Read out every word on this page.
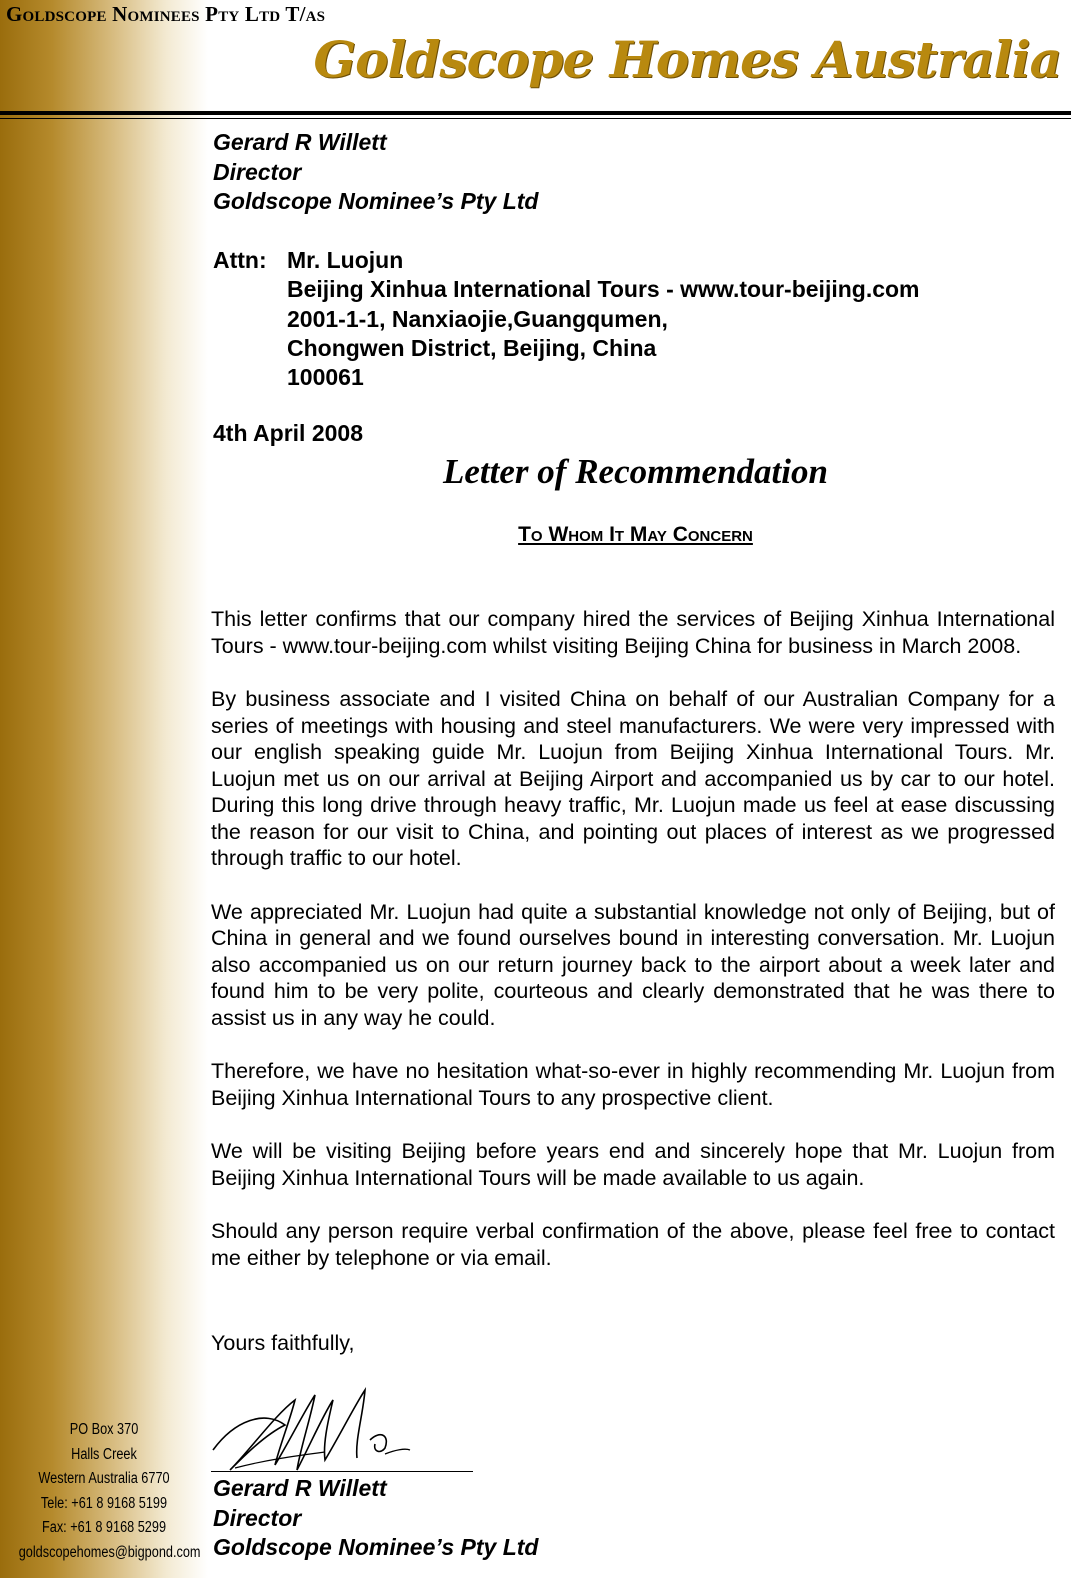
Goldscope Nominees Pty Ltd T/as
Goldscope Homes Australia
Gerard R Willett
Director
Goldscope Nominee’s Pty Ltd
Attn: Mr. Luojun
Beijing Xinhua International Tours - www.tour-beijing.com
2001-1-1, Nanxiaojie,Guangqumen,
Chongwen District, Beijing, China
100061
4th April 2008
Letter of Recommendation
To Whom It May Concern

This letter confirms that our company hired the services of Beijing Xinhua International Tours - www.tour-beijing.com whilst visiting Beijing China for business in March 2008.

By business associate and I visited China on behalf of our Australian Company for a series of meetings with housing and steel manufacturers. We were very impressed with our english speaking guide Mr. Luojun from Beijing Xinhua International Tours. Mr. Luojun met us on our arrival at Beijing Airport and accompanied us by car to our hotel. During this long drive through heavy traffic, Mr. Luojun made us feel at ease discussing the reason for our visit to China, and pointing out places of interest as we progressed through traffic to our hotel.

We appreciated Mr. Luojun had quite a substantial knowledge not only of Beijing, but of China in general and we found ourselves bound in interesting conversation. Mr. Luojun also accompanied us on our return journey back to the airport about a week later and found him to be very polite, courteous and clearly demonstrated that he was there to assist us in any way he could.

Therefore, we have no hesitation what-so-ever in highly recommending Mr. Luojun from Beijing Xinhua International Tours to any prospective client.

We will be visiting Beijing before years end and sincerely hope that Mr. Luojun from Beijing Xinhua International Tours will be made available to us again.

Should any person require verbal confirmation of the above, please feel free to contact me either by telephone or via email.

Yours faithfully,
Gerard R Willett
Director
Goldscope Nominee’s Pty Ltd
PO Box 370
Halls Creek
Western Australia 6770
Tele: +61 8 9168 5199
Fax: +61 8 9168 5299
goldscopehomes@bigpond.com
